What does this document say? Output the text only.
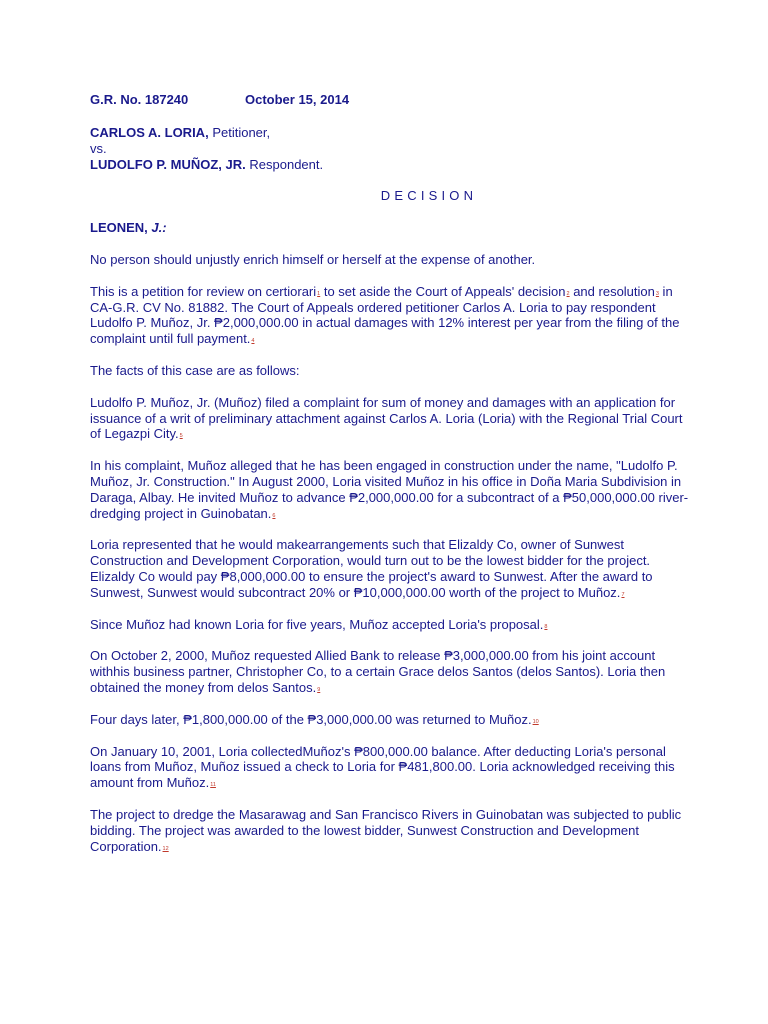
G.R. No. 187240	October 15, 2014

CARLOS A. LORIA, Petitioner,

vs.

LUDOLFO P. MUÑOZ, JR. Respondent.

DECISION

LEONEN, J.:

No person should unjustly enrich himself or herself at the expense of another.

This is a petition for review on certiorari$^1$ to set aside the Court of Appeals' decision$^2$ and resolution$^3$ in CA-G.R. CV No. 81882. The Court of Appeals ordered petitioner Carlos A. Loria to pay respondent Ludolfo P. Muñoz, Jr. ₱2,000,000.00 in actual damages with 12% interest per year from the filing of the complaint until full payment.$^4$

The facts of this case are as follows:

Ludolfo P. Muñoz, Jr. (Muñoz) filed a complaint for sum of money and damages with an application for issuance of a writ of preliminary attachment against Carlos A. Loria (Loria) with the Regional Trial Court of Legazpi City.$^5$

In his complaint, Muñoz alleged that he has been engaged in construction under the name, "Ludolfo P. Muñoz, Jr. Construction." In August 2000, Loria visited Muñoz in his office in Doña Maria Subdivision in Daraga, Albay. He invited Muñoz to advance ₱2,000,000.00 for a subcontract of a ₱50,000,000.00 river-dredging project in Guinobatan.$^6$

Loria represented that he would makearrangements such that Elizaldy Co, owner of Sunwest Construction and Development Corporation, would turn out to be the lowest bidder for the project. Elizaldy Co would pay ₱8,000,000.00 to ensure the project's award to Sunwest. After the award to Sunwest, Sunwest would subcontract 20% or ₱10,000,000.00 worth of the project to Muñoz.$^7$

Since Muñoz had known Loria for five years, Muñoz accepted Loria's proposal.$^8$

On October 2, 2000, Muñoz requested Allied Bank to release ₱3,000,000.00 from his joint account withhis business partner, Christopher Co, to a certain Grace delos Santos (delos Santos). Loria then obtained the money from delos Santos.$^9$

Four days later, ₱1,800,000.00 of the ₱3,000,000.00 was returned to Muñoz.$^{10}$

On January 10, 2001, Loria collectedMuñoz's ₱800,000.00 balance. After deducting Loria's personal loans from Muñoz, Muñoz issued a check to Loria for ₱481,800.00. Loria acknowledged receiving this amount from Muñoz.$^{11}$

The project to dredge the Masarawag and San Francisco Rivers in Guinobatan was subjected to public bidding. The project was awarded to the lowest bidder, Sunwest Construction and Development Corporation.$^{12}$
